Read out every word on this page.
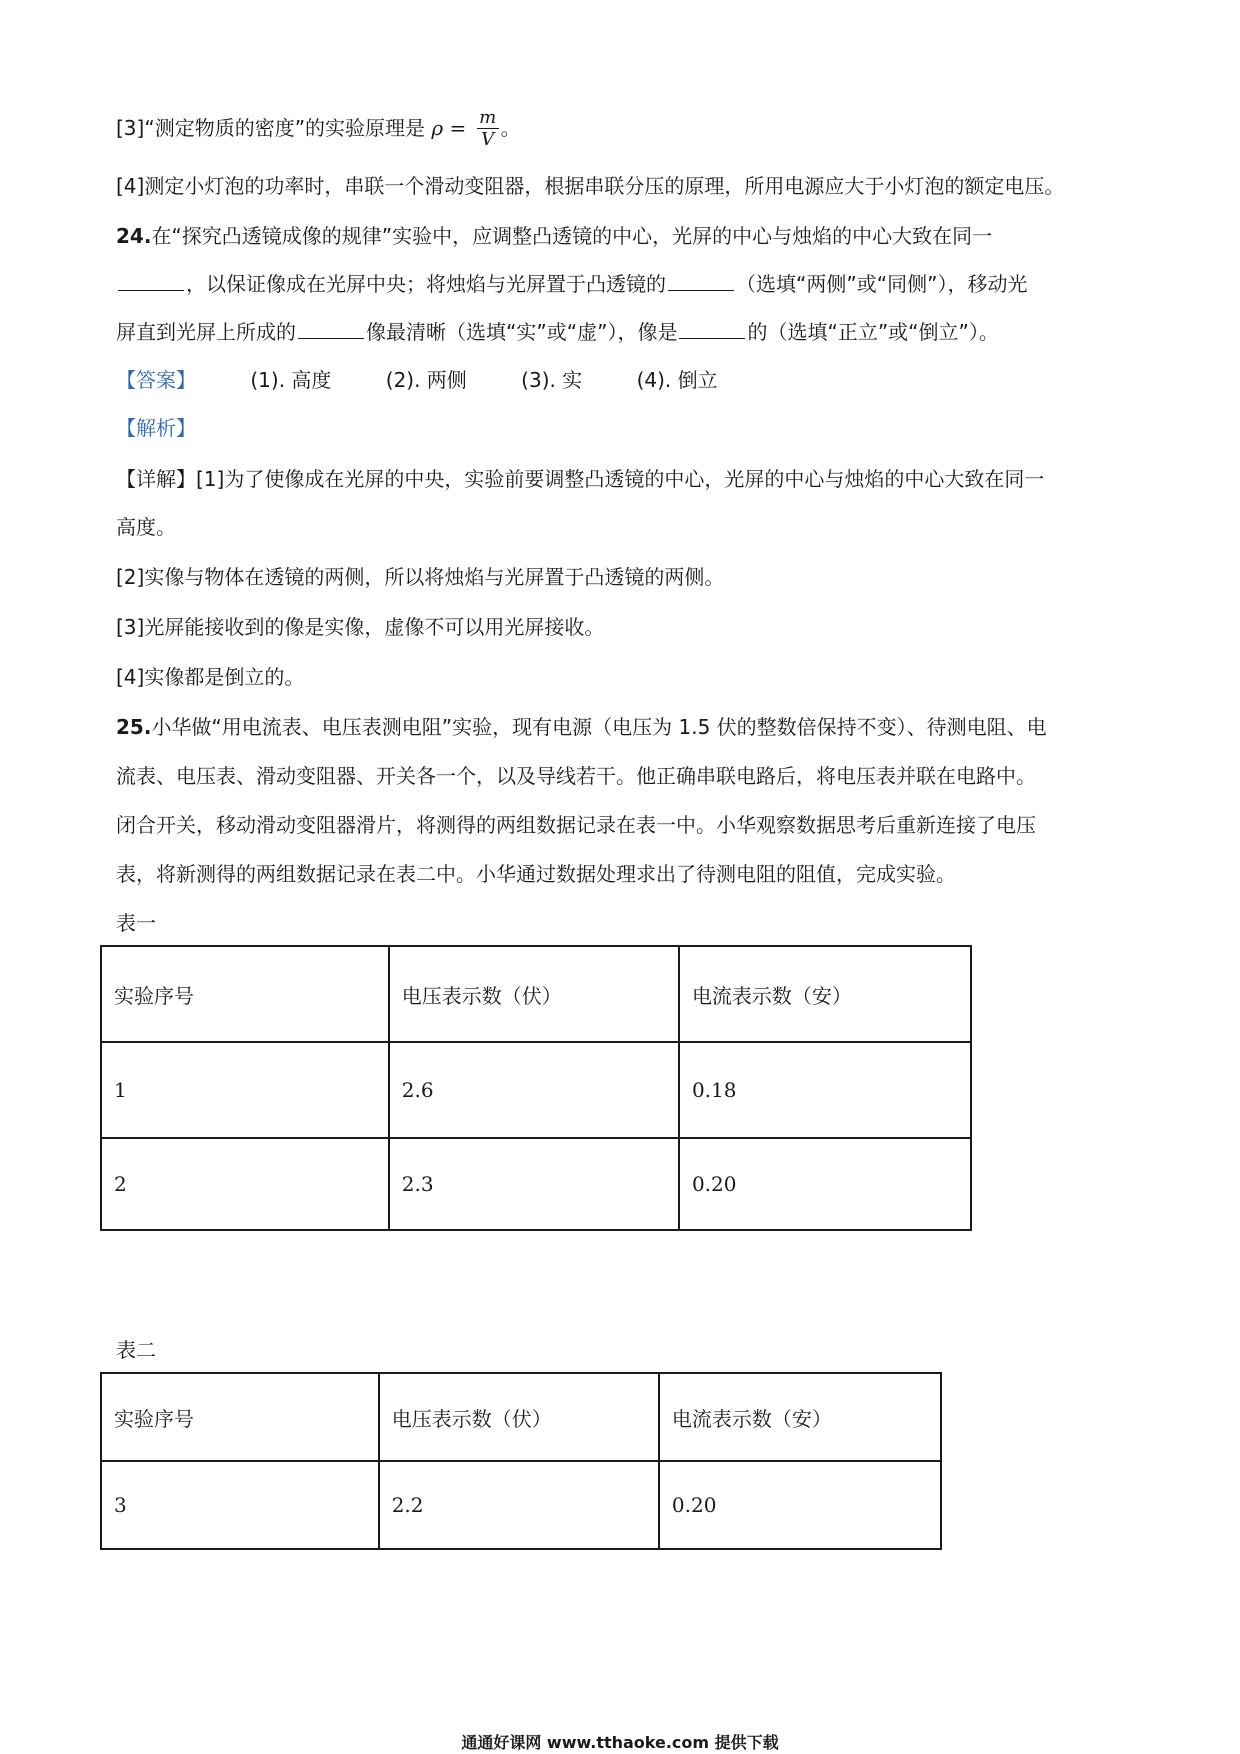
[3]“测定物质的密度”的实验原理是 $\rho = \frac{m}{V}$ 。
[4]测定小灯泡的功率时，串联一个滑动变阻器，根据串联分压的原理，所用电源应大于小灯泡的额定电压。
24.在“探究凸透镜成像的规律”实验中，应调整凸透镜的中心，光屏的中心与烛焰的中心大致在同一
，以保证像成在光屏中央；将烛焰与光屏置于凸透镜的	（选填“两侧”或“同侧”），移动光
屏直到光屏上所成的	像最清晰（选填“实”或“虚”），像是	的（选填“正立”或“倒立”）。
【答案】	(1). 高度	(2). 两侧	(3). 实	(4). 倒立
【解析】
【详解】[1]为了使像成在光屏的中央，实验前要调整凸透镜的中心，光屏的中心与烛焰的中心大致在同一
高度。
[2]实像与物体在透镜的两侧，所以将烛焰与光屏置于凸透镜的两侧。
[3]光屏能接收到的像是实像，虚像不可以用光屏接收。
[4]实像都是倒立的。
25.小华做“用电流表、电压表测电阻”实验，现有电源（电压为 1.5 伏的整数倍保持不变）、待测电阻、电
流表、电压表、滑动变阻器、开关各一个，以及导线若干。他正确串联电路后，将电压表并联在电路中。
闭合开关，移动滑动变阻器滑片，将测得的两组数据记录在表一中。小华观察数据思考后重新连接了电压
表，将新测得的两组数据记录在表二中。小华通过数据处理求出了待测电阻的阻值，完成实验。
表一
实验序号	电压表示数（伏）	电流表示数（安）
1	2.6	0.18
2	2.3	0.20
表二
实验序号	电压表示数（伏）	电流表示数（安）
3	2.2	0.20
通通好课网 www.tthaoke.com 提供下载
